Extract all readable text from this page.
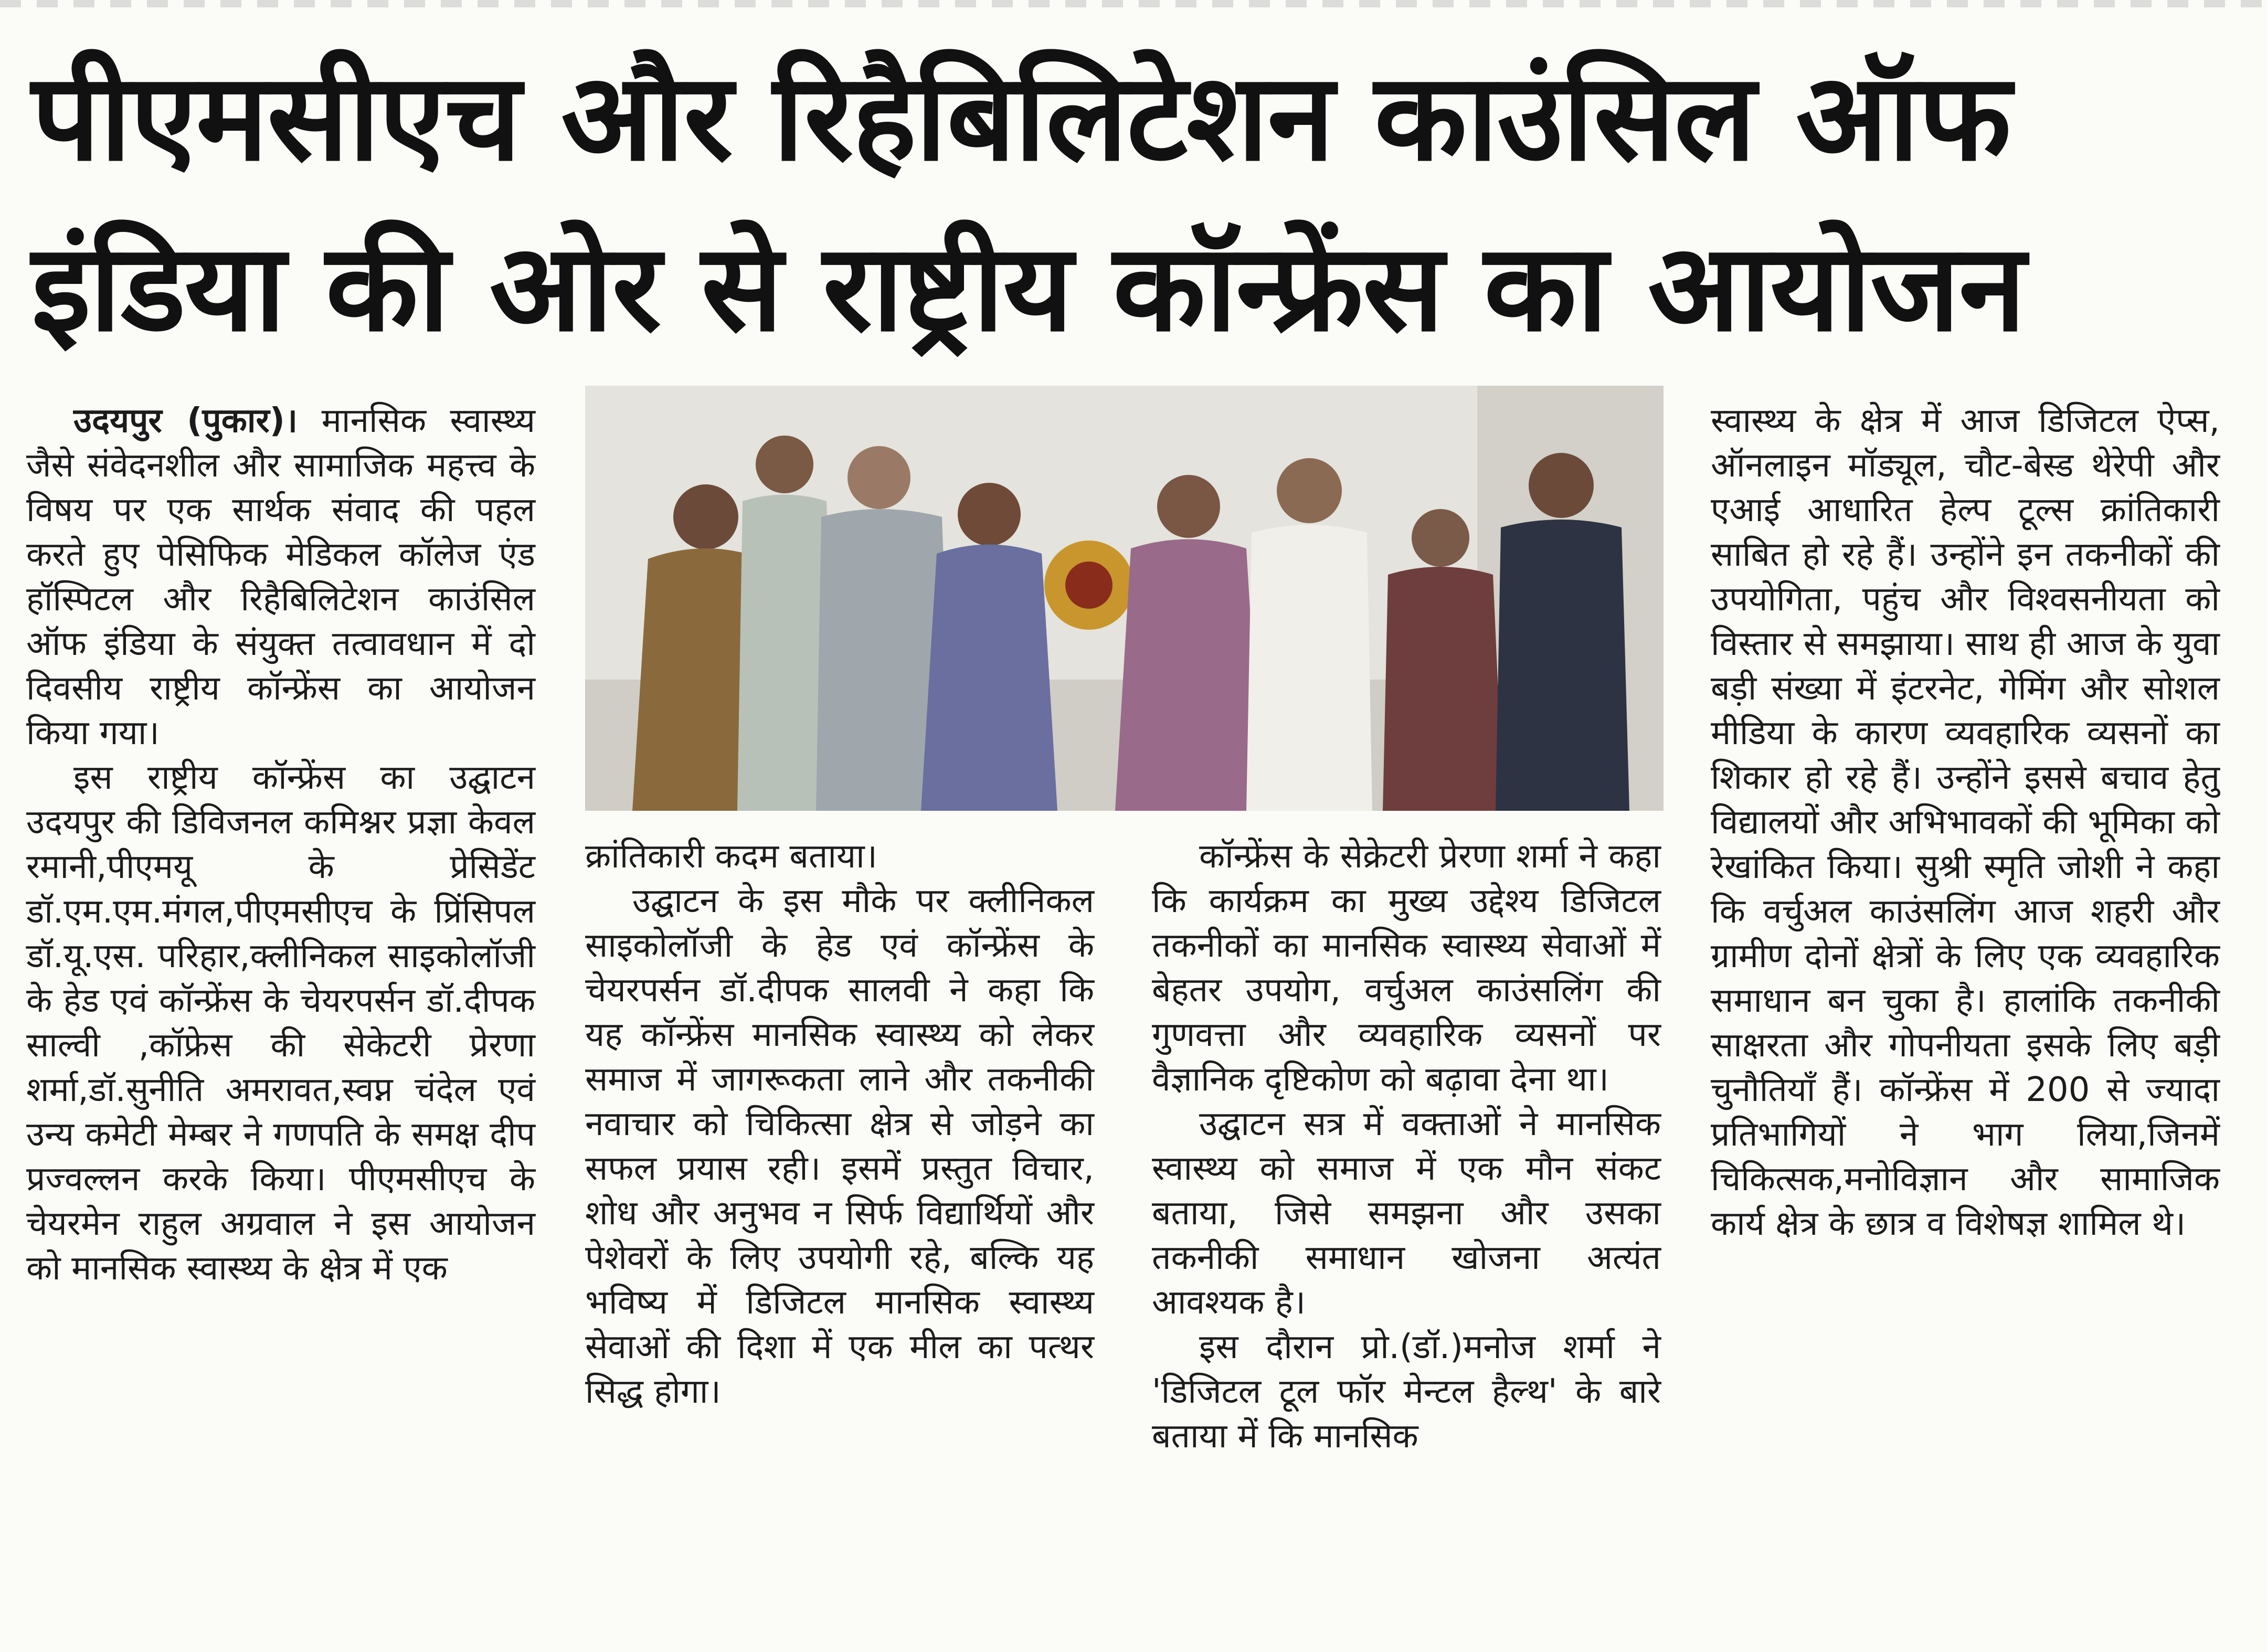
पीएमसीएच और रिहैबिलिटेशन काउंसिल ऑफ
इंडिया की ओर से राष्ट्रीय कॉन्फ्रेंस का आयोजन

उदयपुर (पुकार)। मानसिक स्वास्थ्य जैसे संवेदनशील और सामाजिक महत्त्व के विषय पर एक सार्थक संवाद की पहल करते हुए पेसिफिक मेडिकल कॉलेज एंड हॉस्पिटल और रिहैबिलिटेशन काउंसिल ऑफ इंडिया के संयुक्त तत्वावधान में दो दिवसीय राष्ट्रीय कॉन्फ्रेंस का आयोजन किया गया।

इस राष्ट्रीय कॉन्फ्रेंस का उद्घाटन उदयपुर की डिविजनल कमिश्नर प्रज्ञा केवल रमानी,पीएमयू के प्रेसिडेंट डॉ.एम.एम.मंगल,पीएमसीएच के प्रिंसिपल डॉ.यू.एस. परिहार,क्लीनिकल साइकोलॉजी के हेड एवं कॉन्फ्रेंस के चेयरपर्सन डॉ.दीपक साल्वी ,कॉफ्रेस की सेकेटरी प्रेरणा शर्मा,डॉ.सुनीति अमरावत,स्वप्न चंदेल एवं उन्य कमेटी मेम्बर ने गणपति के समक्ष दीप प्रज्वल्लन करके किया। पीएमसीएच के चेयरमेन राहुल अग्रवाल ने इस आयोजन को मानसिक स्वास्थ्य के क्षेत्र में एक

क्रांतिकारी कदम बताया।

उद्घाटन के इस मौके पर क्लीनिकल साइकोलॉजी के हेड एवं कॉन्फ्रेंस के चेयरपर्सन डॉ.दीपक सालवी ने कहा कि यह कॉन्फ्रेंस मानसिक स्वास्थ्य को लेकर समाज में जागरूकता लाने और तकनीकी नवाचार को चिकित्सा क्षेत्र से जोड़ने का सफल प्रयास रही। इसमें प्रस्तुत विचार, शोध और अनुभव न सिर्फ विद्यार्थियों और पेशेवरों के लिए उपयोगी रहे, बल्कि यह भविष्य में डिजिटल मानसिक स्वास्थ्य सेवाओं की दिशा में एक मील का पत्थर सिद्ध होगा।

कॉन्फ्रेंस के सेक्रेटरी प्रेरणा शर्मा ने कहा कि कार्यक्रम का मुख्य उद्देश्य डिजिटल तकनीकों का मानसिक स्वास्थ्य सेवाओं में बेहतर उपयोग, वर्चुअल काउंसलिंग की गुणवत्ता और व्यवहारिक व्यसनों पर वैज्ञानिक दृष्टिकोण को बढ़ावा देना था।

उद्घाटन सत्र में वक्ताओं ने मानसिक स्वास्थ्य को समाज में एक मौन संकट बताया, जिसे समझना और उसका तकनीकी समाधान खोजना अत्यंत आवश्यक है।

इस दौरान प्रो.(डॉ.)मनोज शर्मा ने 'डिजिटल टूल फॉर मेन्टल हैल्थ' के बारे बताया में कि मानसिक

स्वास्थ्य के क्षेत्र में आज डिजिटल ऐप्स, ऑनलाइन मॉड्यूल, चौट-बेस्ड थेरेपी और एआई आधारित हेल्प टूल्स क्रांतिकारी साबित हो रहे हैं। उन्होंने इन तकनीकों की उपयोगिता, पहुंच और विश्वसनीयता को विस्तार से समझाया। साथ ही आज के युवा बड़ी संख्या में इंटरनेट, गेमिंग और सोशल मीडिया के कारण व्यवहारिक व्यसनों का शिकार हो रहे हैं। उन्होंने इससे बचाव हेतु विद्यालयों और अभिभावकों की भूमिका को रेखांकित किया। सुश्री स्मृति जोशी ने कहा कि वर्चुअल काउंसलिंग आज शहरी और ग्रामीण दोनों क्षेत्रों के लिए एक व्यवहारिक समाधान बन चुका है। हालांकि तकनीकी साक्षरता और गोपनीयता इसके लिए बड़ी चुनौतियाँ हैं। कॉन्फ्रेंस में 200 से ज्यादा प्रतिभागियों ने भाग लिया,जिनमें चिकित्सक,मनोविज्ञान और सामाजिक कार्य क्षेत्र के छात्र व विशेषज्ञ शामिल थे।
